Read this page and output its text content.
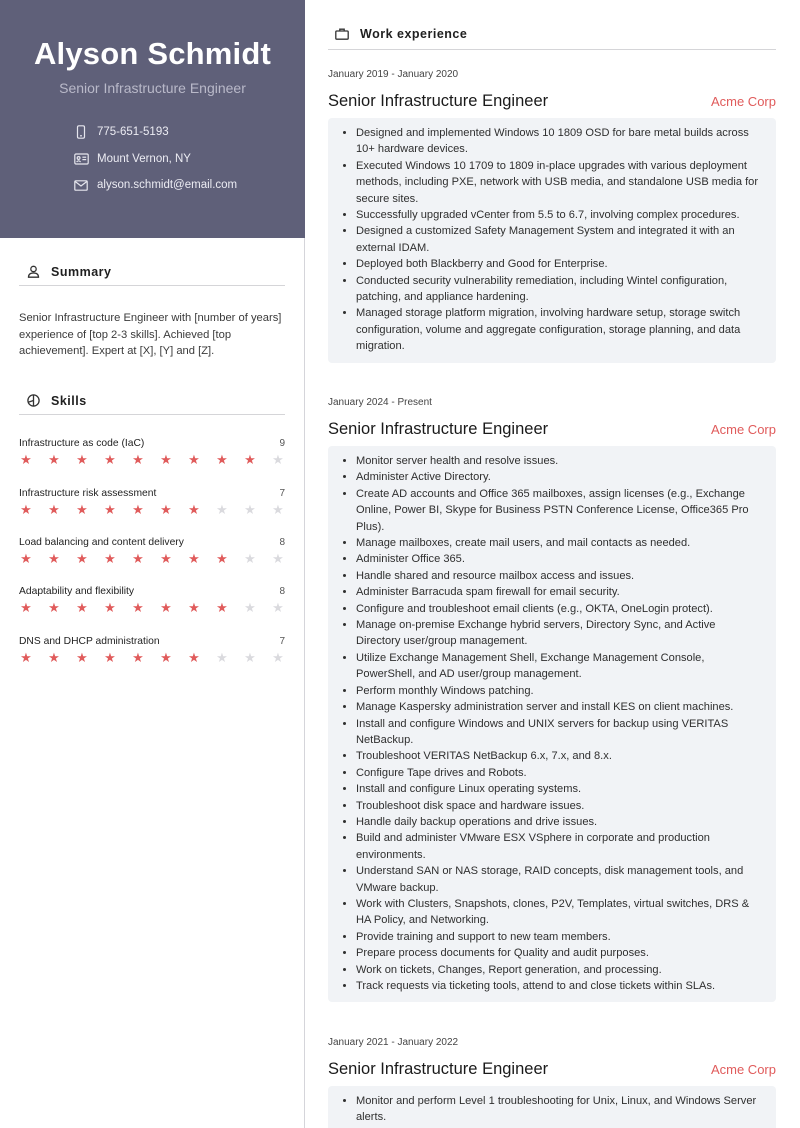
Alyson Schmidt
Senior Infrastructure Engineer
775-651-5193
Mount Vernon, NY
alyson.schmidt@email.com
Summary
Senior Infrastructure Engineer with [number of years] experience of [top 2-3 skills]. Achieved [top achievement]. Expert at [X], [Y] and [Z].
Skills
Infrastructure as code (IaC)	9
★ ★ ★ ★ ★ ★ ★ ★ ★ ★
Infrastructure risk assessment	7
★ ★ ★ ★ ★ ★ ★ ★ ★ ★
Load balancing and content delivery	8
★ ★ ★ ★ ★ ★ ★ ★ ★ ★
Adaptability and flexibility	8
★ ★ ★ ★ ★ ★ ★ ★ ★ ★
DNS and DHCP administration	7
★ ★ ★ ★ ★ ★ ★ ★ ★ ★
Work experience
January 2019 - January 2020
Senior Infrastructure Engineer	Acme Corp
• Designed and implemented Windows 10 1809 OSD for bare metal builds across 10+ hardware devices.
• Executed Windows 10 1709 to 1809 in-place upgrades with various deployment methods, including PXE, network with USB media, and standalone USB media for secure sites.
• Successfully upgraded vCenter from 5.5 to 6.7, involving complex procedures.
• Designed a customized Safety Management System and integrated it with an external IDAM.
• Deployed both Blackberry and Good for Enterprise.
• Conducted security vulnerability remediation, including Wintel configuration, patching, and appliance hardening.
• Managed storage platform migration, involving hardware setup, storage switch configuration, volume and aggregate configuration, storage planning, and data migration.
January 2024 - Present
Senior Infrastructure Engineer	Acme Corp
• Monitor server health and resolve issues.
• Administer Active Directory.
• Create AD accounts and Office 365 mailboxes, assign licenses (e.g., Exchange Online, Power BI, Skype for Business PSTN Conference License, Office365 Pro Plus).
• Manage mailboxes, create mail users, and mail contacts as needed.
• Administer Office 365.
• Handle shared and resource mailbox access and issues.
• Administer Barracuda spam firewall for email security.
• Configure and troubleshoot email clients (e.g., OKTA, OneLogin protect).
• Manage on-premise Exchange hybrid servers, Directory Sync, and Active Directory user/group management.
• Utilize Exchange Management Shell, Exchange Management Console, PowerShell, and AD user/group management.
• Perform monthly Windows patching.
• Manage Kaspersky administration server and install KES on client machines.
• Install and configure Windows and UNIX servers for backup using VERITAS NetBackup.
• Troubleshoot VERITAS NetBackup 6.x, 7.x, and 8.x.
• Configure Tape drives and Robots.
• Install and configure Linux operating systems.
• Troubleshoot disk space and hardware issues.
• Handle daily backup operations and drive issues.
• Build and administer VMware ESX VSphere in corporate and production environments.
• Understand SAN or NAS storage, RAID concepts, disk management tools, and VMware backup.
• Work with Clusters, Snapshots, clones, P2V, Templates, virtual switches, DRS & HA Policy, and Networking.
• Provide training and support to new team members.
• Prepare process documents for Quality and audit purposes.
• Work on tickets, Changes, Report generation, and processing.
• Track requests via ticketing tools, attend to and close tickets within SLAs.
January 2021 - January 2022
Senior Infrastructure Engineer	Acme Corp
• Monitor and perform Level 1 troubleshooting for Unix, Linux, and Windows Server alerts.
